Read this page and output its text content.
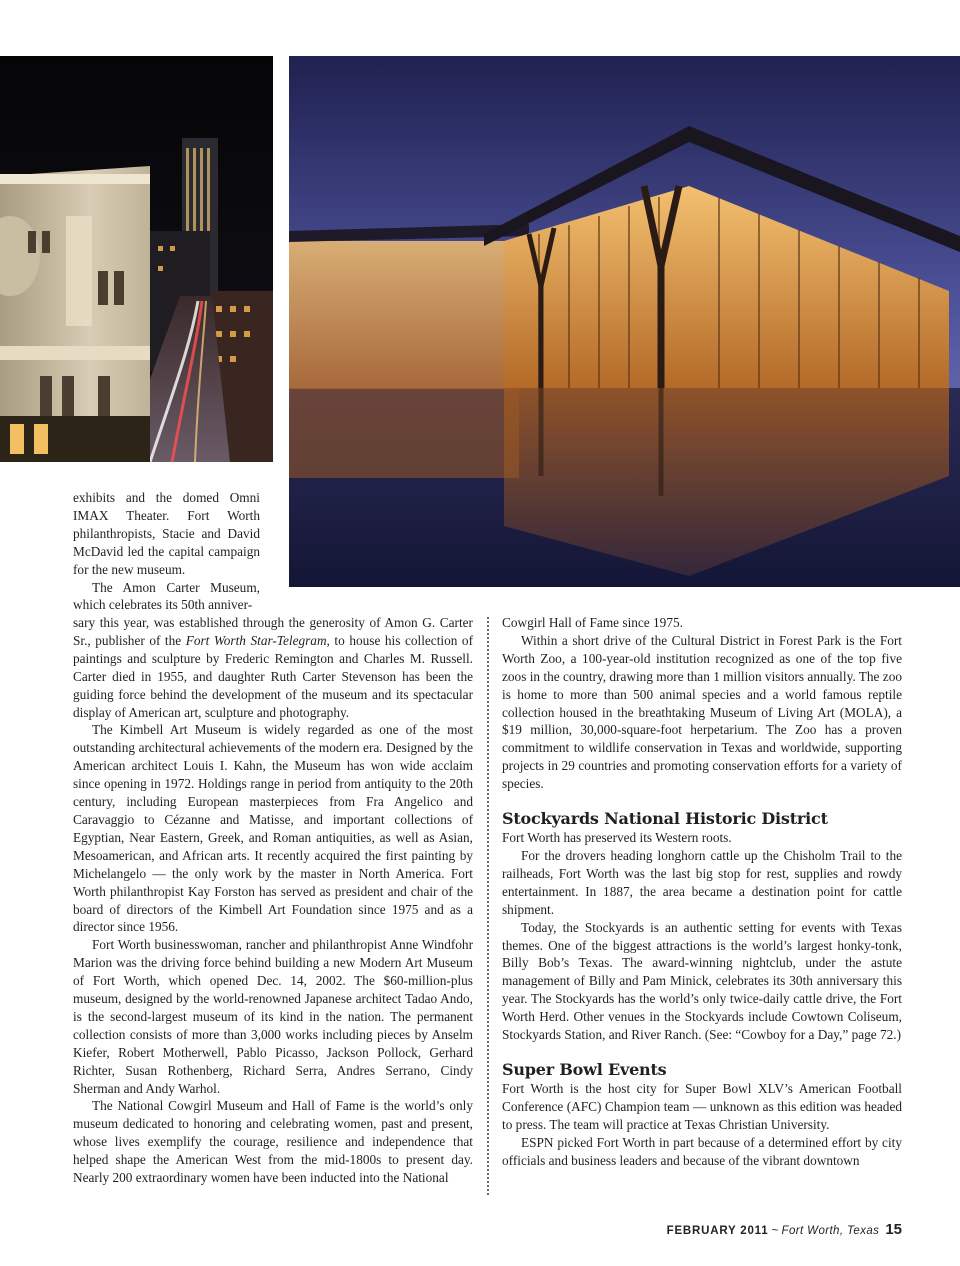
exhibits and the domed Omni IMAX Theater. Fort Worth philanthropists, Stacie and David McDavid led the capital campaign for the new museum.

The Amon Carter Museum, which celebrates its 50th anniver-

sary this year, was established through the generosity of Amon G. Carter Sr., publisher of the Fort Worth Star-Telegram, to house his collection of paintings and sculpture by Frederic Remington and Charles M. Russell. Carter died in 1955, and daughter Ruth Carter Stevenson has been the guiding force behind the development of the museum and its spectacular display of American art, sculpture and photography.

The Kimbell Art Museum is widely regarded as one of the most outstanding architectural achievements of the modern era. Designed by the American architect Louis I. Kahn, the Museum has won wide acclaim since opening in 1972. Holdings range in period from antiquity to the 20th century, including European masterpieces from Fra Angelico and Caravaggio to Cézanne and Matisse, and important collections of Egyptian, Near Eastern, Greek, and Roman antiquities, as well as Asian, Mesoamerican, and African arts. It recently acquired the first painting by Michelangelo — the only work by the master in North America. Fort Worth philanthropist Kay Forston has served as president and chair of the board of directors of the Kimbell Art Foundation since 1975 and as a director since 1956.

Fort Worth businesswoman, rancher and philanthropist Anne Windfohr Marion was the driving force behind building a new Modern Art Museum of Fort Worth, which opened Dec. 14, 2002. The $60-million-plus museum, designed by the world-renowned Japanese architect Tadao Ando, is the second-largest museum of its kind in the nation. The permanent collection consists of more than 3,000 works including pieces by Anselm Kiefer, Robert Motherwell, Pablo Picasso, Jackson Pollock, Gerhard Richter, Susan Rothenberg, Richard Serra, Andres Serrano, Cindy Sherman and Andy Warhol.

The National Cowgirl Museum and Hall of Fame is the world’s only museum dedicated to honoring and celebrating women, past and present, whose lives exemplify the courage, resilience and independence that helped shape the American West from the mid-1800s to present day. Nearly 200 extraordinary women have been inducted into the National

Cowgirl Hall of Fame since 1975.

Within a short drive of the Cultural District in Forest Park is the Fort Worth Zoo, a 100-year-old institution recognized as one of the top five zoos in the country, drawing more than 1 million visitors annually. The zoo is home to more than 500 animal species and a world famous reptile collection housed in the breathtaking Museum of Living Art (MOLA), a $19 million, 30,000-square-foot herpetarium. The Zoo has a proven commitment to wildlife conservation in Texas and worldwide, supporting projects in 29 countries and promoting conservation efforts for a variety of species.

Stockyards National Historic District

Fort Worth has preserved its Western roots.

For the drovers heading longhorn cattle up the Chisholm Trail to the railheads, Fort Worth was the last big stop for rest, supplies and rowdy entertainment. In 1887, the area became a destination point for cattle shipment.

Today, the Stockyards is an authentic setting for events with Texas themes. One of the biggest attractions is the world’s largest honky-tonk, Billy Bob’s Texas. The award-winning nightclub, under the astute management of Billy and Pam Minick, celebrates its 30th anniversary this year. The Stockyards has the world’s only twice-daily cattle drive, the Fort Worth Herd. Other venues in the Stockyards include Cowtown Coliseum, Stockyards Station, and River Ranch. (See: “Cowboy for a Day,” page 72.)

Super Bowl Events

Fort Worth is the host city for Super Bowl XLV’s American Football Conference (AFC) Champion team — unknown as this edition was headed to press. The team will practice at Texas Christian University.

ESPN picked Fort Worth in part because of a determined effort by city officials and business leaders and because of the vibrant downtown

FEBRUARY 2011 ~ Fort Worth, Texas 15
